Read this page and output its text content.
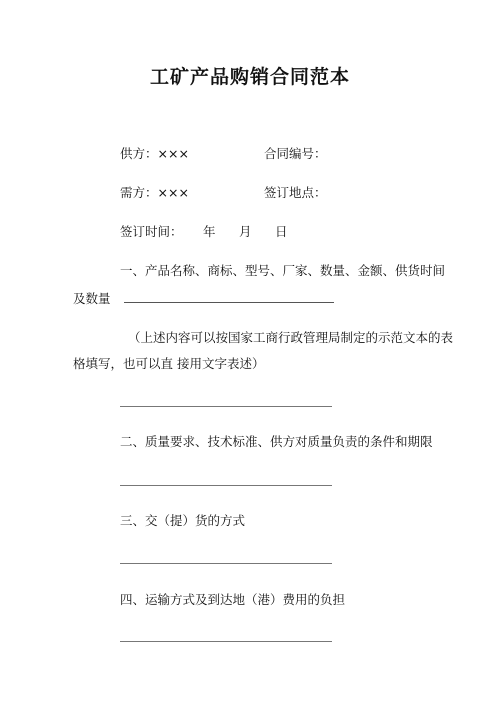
工矿产品购销合同范本
供方：×××	合同编号：
需方：×××	签订地点：
签订时间： 年 月 日
一、产品名称、商标、型号、厂家、数量、金额、供货时间
及数量
（上述内容可以按国家工商行政管理局制定的示范文本的表
格填写，也可以直 接用文字表述）
二、质量要求、技术标准、供方对质量负责的条件和期限
三、交（提）货的方式
四、运输方式及到达地（港）费用的负担
